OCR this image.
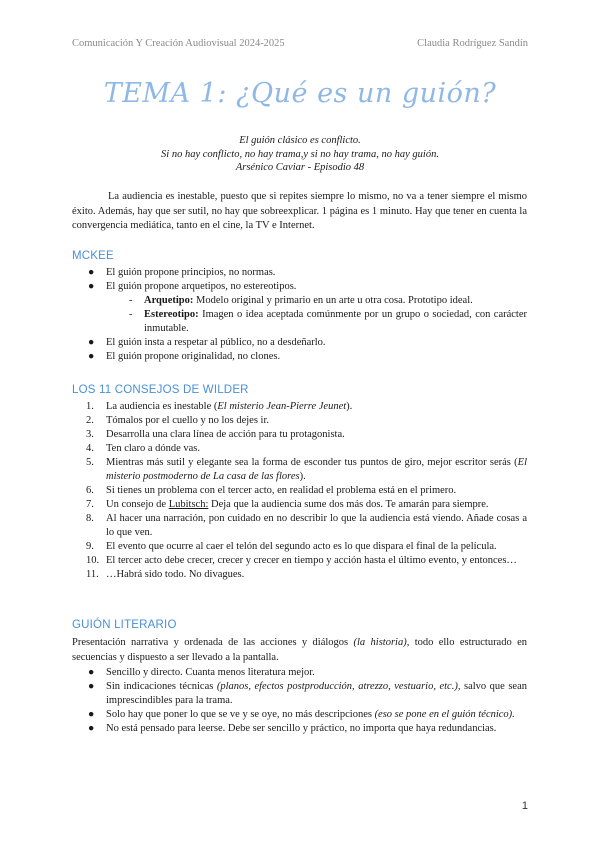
Comunicación Y Creación Audiovisual 2024-2025	Claudia Rodríguez Sandín
TEMA 1: ¿Qué es un guión?
El guión clásico es conflicto.
Si no hay conflicto, no hay trama,y si no hay trama, no hay guión.
Arsénico Caviar - Episodio 48

La audiencia es inestable, puesto que si repites siempre lo mismo, no va a tener siempre el mismo éxito. Además, hay que ser sutil, no hay que sobreexplicar. 1 página es 1 minuto. Hay que tener en cuenta la convergencia mediática, tanto en el cine, la TV e Internet.

MCKEE
● El guión propone principios, no normas.
● El guión propone arquetipos, no estereotipos.
- Arquetipo: Modelo original y primario en un arte u otra cosa. Prototipo ideal.
- Estereotipo: Imagen o idea aceptada comúnmente por un grupo o sociedad, con carácter inmutable.
● El guión insta a respetar al público, no a desdeñarlo.
● El guión propone originalidad, no clones.
LOS 11 CONSEJOS DE WILDER
1.	La audiencia es inestable (El misterio Jean-Pierre Jeunet).
2.	Tómalos por el cuello y no los dejes ir.
3.	Desarrolla una clara línea de acción para tu protagonista.
4.	Ten claro a dónde vas.
5.	Mientras más sutil y elegante sea la forma de esconder tus puntos de giro, mejor escritor serás (El misterio postmoderno de La casa de las flores).
6.	Si tienes un problema con el tercer acto, en realidad el problema está en el primero.
7.	Un consejo de Lubitsch: Deja que la audiencia sume dos más dos. Te amarán para siempre.
8.	Al hacer una narración, pon cuidado en no describir lo que la audiencia está viendo. Añade cosas a lo que ven.
9.	El evento que ocurre al caer el telón del segundo acto es lo que dispara el final de la película.
10. El tercer acto debe crecer, crecer y crecer en tiempo y acción hasta el último evento, y entonces…
11. …Habrá sido todo. No divagues.
GUIÓN LITERARIO

Presentación narrativa y ordenada de las acciones y diálogos (la historia), todo ello estructurado en secuencias y dispuesto a ser llevado a la pantalla.

● Sencillo y directo. Cuanta menos literatura mejor.
● Sin indicaciones técnicas (planos, efectos postproducción, atrezzo, vestuario, etc.), salvo que sean imprescindibles para la trama.
● Solo hay que poner lo que se ve y se oye, no más descripciones (eso se pone en el guión técnico).
● No está pensado para leerse. Debe ser sencillo y práctico, no importa que haya redundancias.
1
